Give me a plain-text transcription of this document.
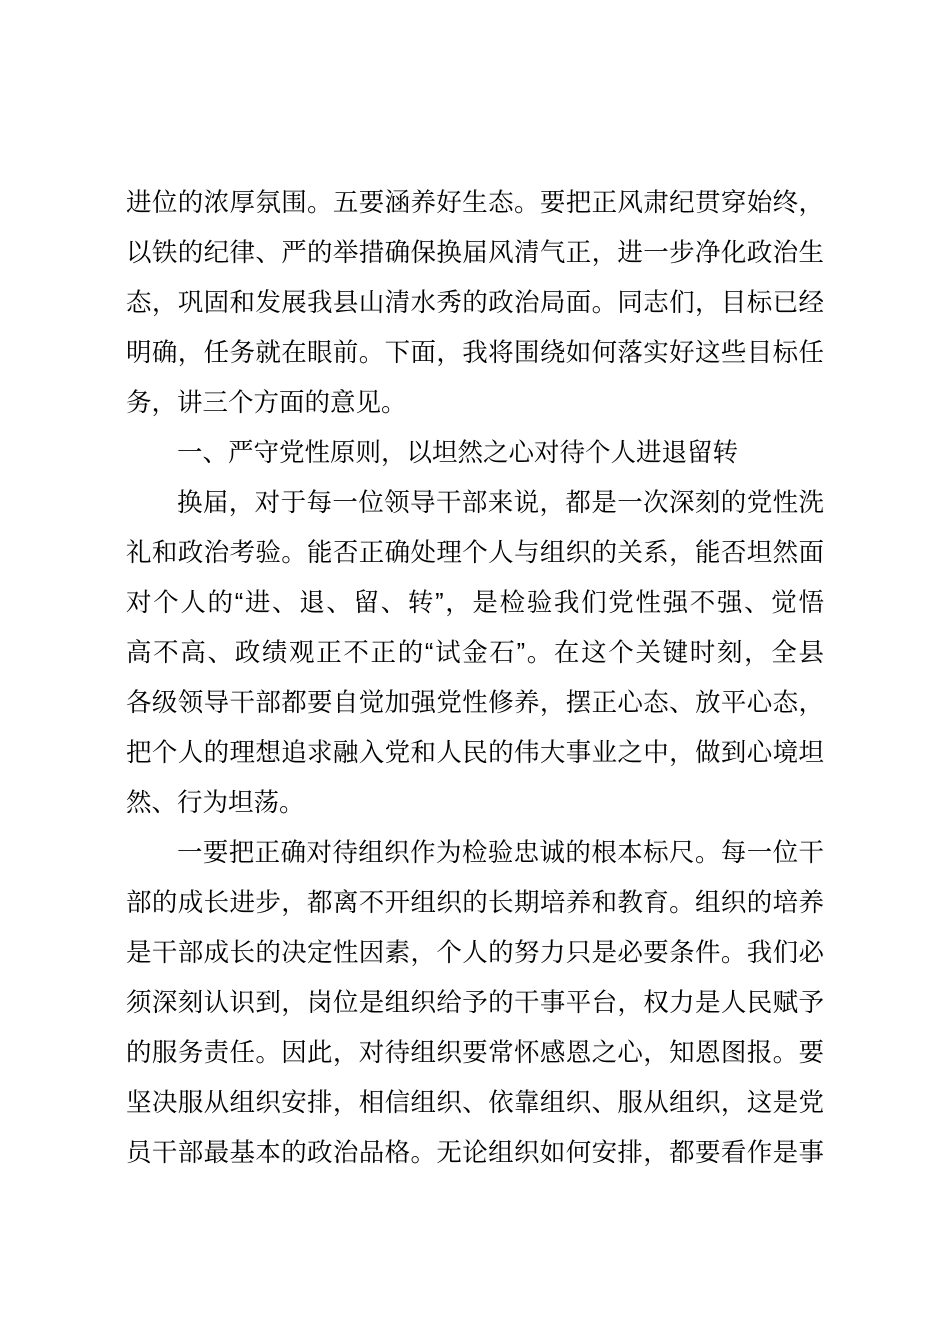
进位的浓厚氛围。五要涵养好生态。要把正风肃纪贯穿始终，
以铁的纪律、严的举措确保换届风清气正，进一步净化政治生
态，巩固和发展我县山清水秀的政治局面。同志们，目标已经
明确，任务就在眼前。下面，我将围绕如何落实好这些目标任
务，讲三个方面的意见。
一、严守党性原则，以坦然之心对待个人进退留转
换届，对于每一位领导干部来说，都是一次深刻的党性洗
礼和政治考验。能否正确处理个人与组织的关系，能否坦然面
对个人的“进、退、留、转”，是检验我们党性强不强、觉悟
高不高、政绩观正不正的“试金石”。在这个关键时刻，全县
各级领导干部都要自觉加强党性修养，摆正心态、放平心态，
把个人的理想追求融入党和人民的伟大事业之中，做到心境坦
然、行为坦荡。
一要把正确对待组织作为检验忠诚的根本标尺。每一位干
部的成长进步，都离不开组织的长期培养和教育。组织的培养
是干部成长的决定性因素，个人的努力只是必要条件。我们必
须深刻认识到，岗位是组织给予的干事平台，权力是人民赋予
的服务责任。因此，对待组织要常怀感恩之心，知恩图报。要
坚决服从组织安排，相信组织、依靠组织、服从组织，这是党
员干部最基本的政治品格。无论组织如何安排，都要看作是事
